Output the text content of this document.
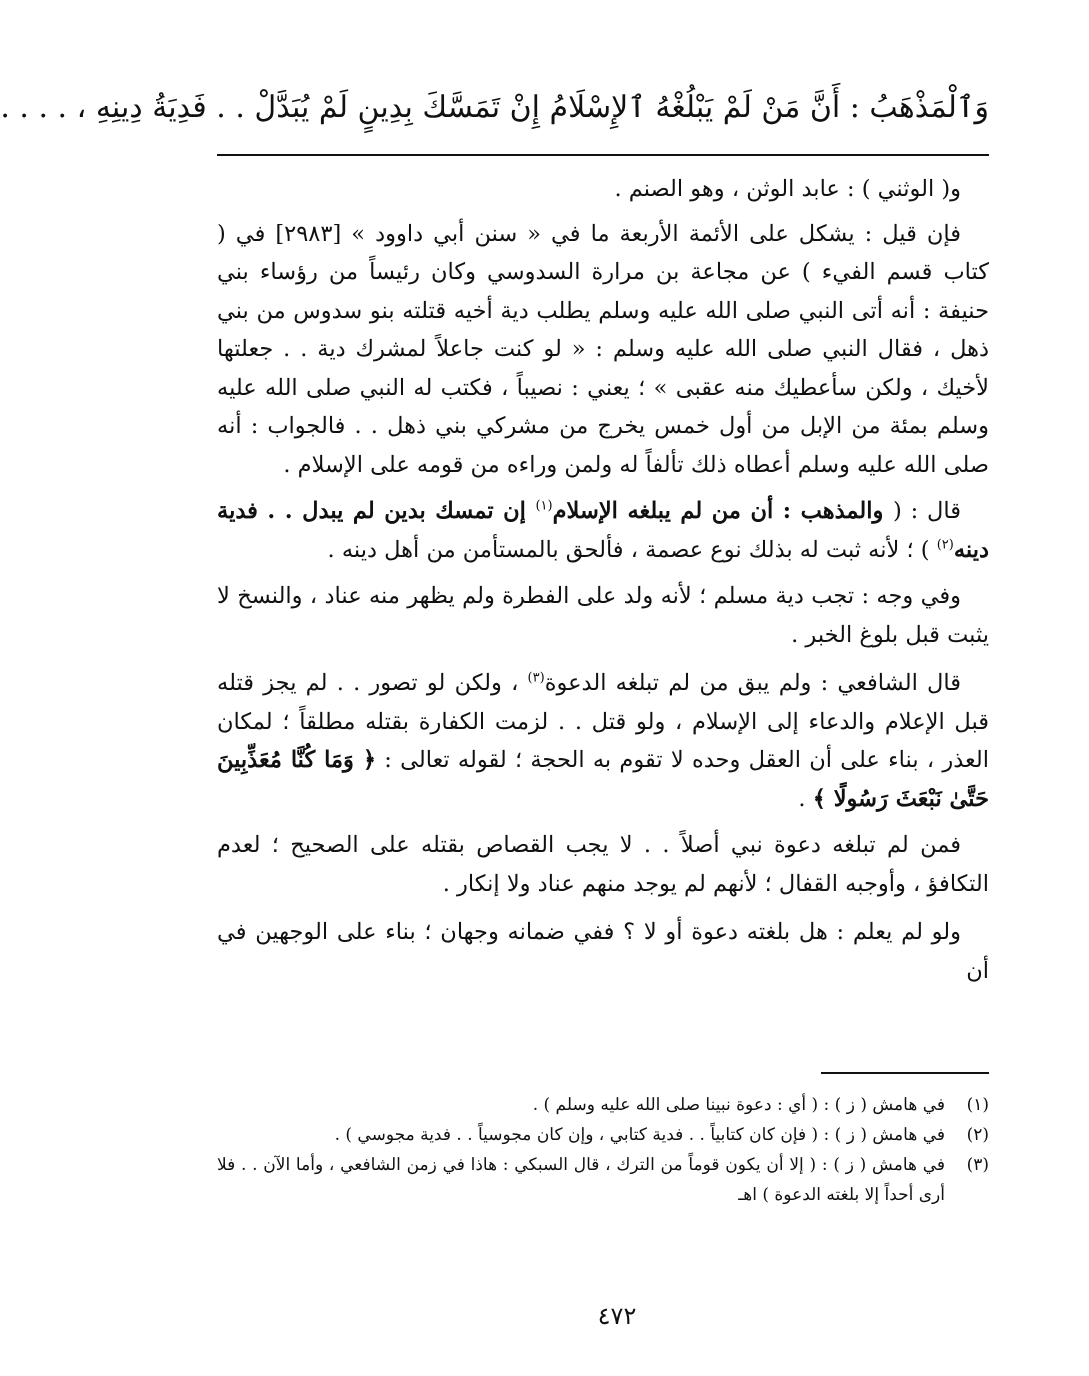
وَٱلْمَذْهَبُ : أَنَّ مَنْ لَمْ يَبْلُغْهُ ٱلإِسْلَامُ إِنْ تَمَسَّكَ بِدِينٍ لَمْ يُبَدَّلْ . . فَدِيَةُ دِينِهِ ، . . . .

و( الوثني ) : عابد الوثن ، وهو الصنم .

فإن قيل : يشكل على الأئمة الأربعة ما في « سنن أبي داوود » [٢٩٨٣] في ( كتاب قسم الفيء ) عن مجاعة بن مرارة السدوسي وكان رئيساً من رؤساء بني حنيفة : أنه أتى النبي صلى الله عليه وسلم يطلب دية أخيه قتلته بنو سدوس من بني ذهل ، فقال النبي صلى الله عليه وسلم : « لو كنت جاعلاً لمشرك دية . . جعلتها لأخيك ، ولكن سأعطيك منه عقبى » ؛ يعني : نصيباً ، فكتب له النبي صلى الله عليه وسلم بمئة من الإبل من أول خمس يخرج من مشركي بني ذهل . . فالجواب : أنه صلى الله عليه وسلم أعطاه ذلك تألفاً له ولمن وراءه من قومه على الإسلام .

قال : ( والمذهب : أن من لم يبلغه الإسلام$^{(١)}$ إن تمسك بدين لم يبدل . . فدية دينه$^{(٢)}$ ) ؛ لأنه ثبت له بذلك نوع عصمة ، فألحق بالمستأمن من أهل دينه .

وفي وجه : تجب دية مسلم ؛ لأنه ولد على الفطرة ولم يظهر منه عناد ، والنسخ لا يثبت قبل بلوغ الخبر .

قال الشافعي : ولم يبق من لم تبلغه الدعوة$^{(٣)}$ ، ولكن لو تصور . . لم يجز قتله قبل الإعلام والدعاء إلى الإسلام ، ولو قتل . . لزمت الكفارة بقتله مطلقاً ؛ لمكان العذر ، بناء على أن العقل وحده لا تقوم به الحجة ؛ لقوله تعالى : ﴿ وَمَا كُنَّا مُعَذِّبِينَ حَتَّىٰ نَبْعَثَ رَسُولًا ﴾ .

فمن لم تبلغه دعوة نبي أصلاً . . لا يجب القصاص بقتله على الصحيح ؛ لعدم التكافؤ ، وأوجبه القفال ؛ لأنهم لم يوجد منهم عناد ولا إنكار .

ولو لم يعلم : هل بلغته دعوة أو لا ؟ ففي ضمانه وجهان ؛ بناء على الوجهين في أن

(١)
في هامش ( ز ) : ( أي : دعوة نبينا صلى الله عليه وسلم ) .
(٢)
في هامش ( ز ) : ( فإن كان كتابياً . . فدية كتابي ، وإن كان مجوسياً . . فدية مجوسي ) .
(٣)
في هامش ( ز ) : ( إلا أن يكون قوماً من الترك ، قال السبكي : هاذا في زمن الشافعي ، وأما الآن . . فلا أرى أحداً إلا بلغته الدعوة ) اهـ
٤٧٢
